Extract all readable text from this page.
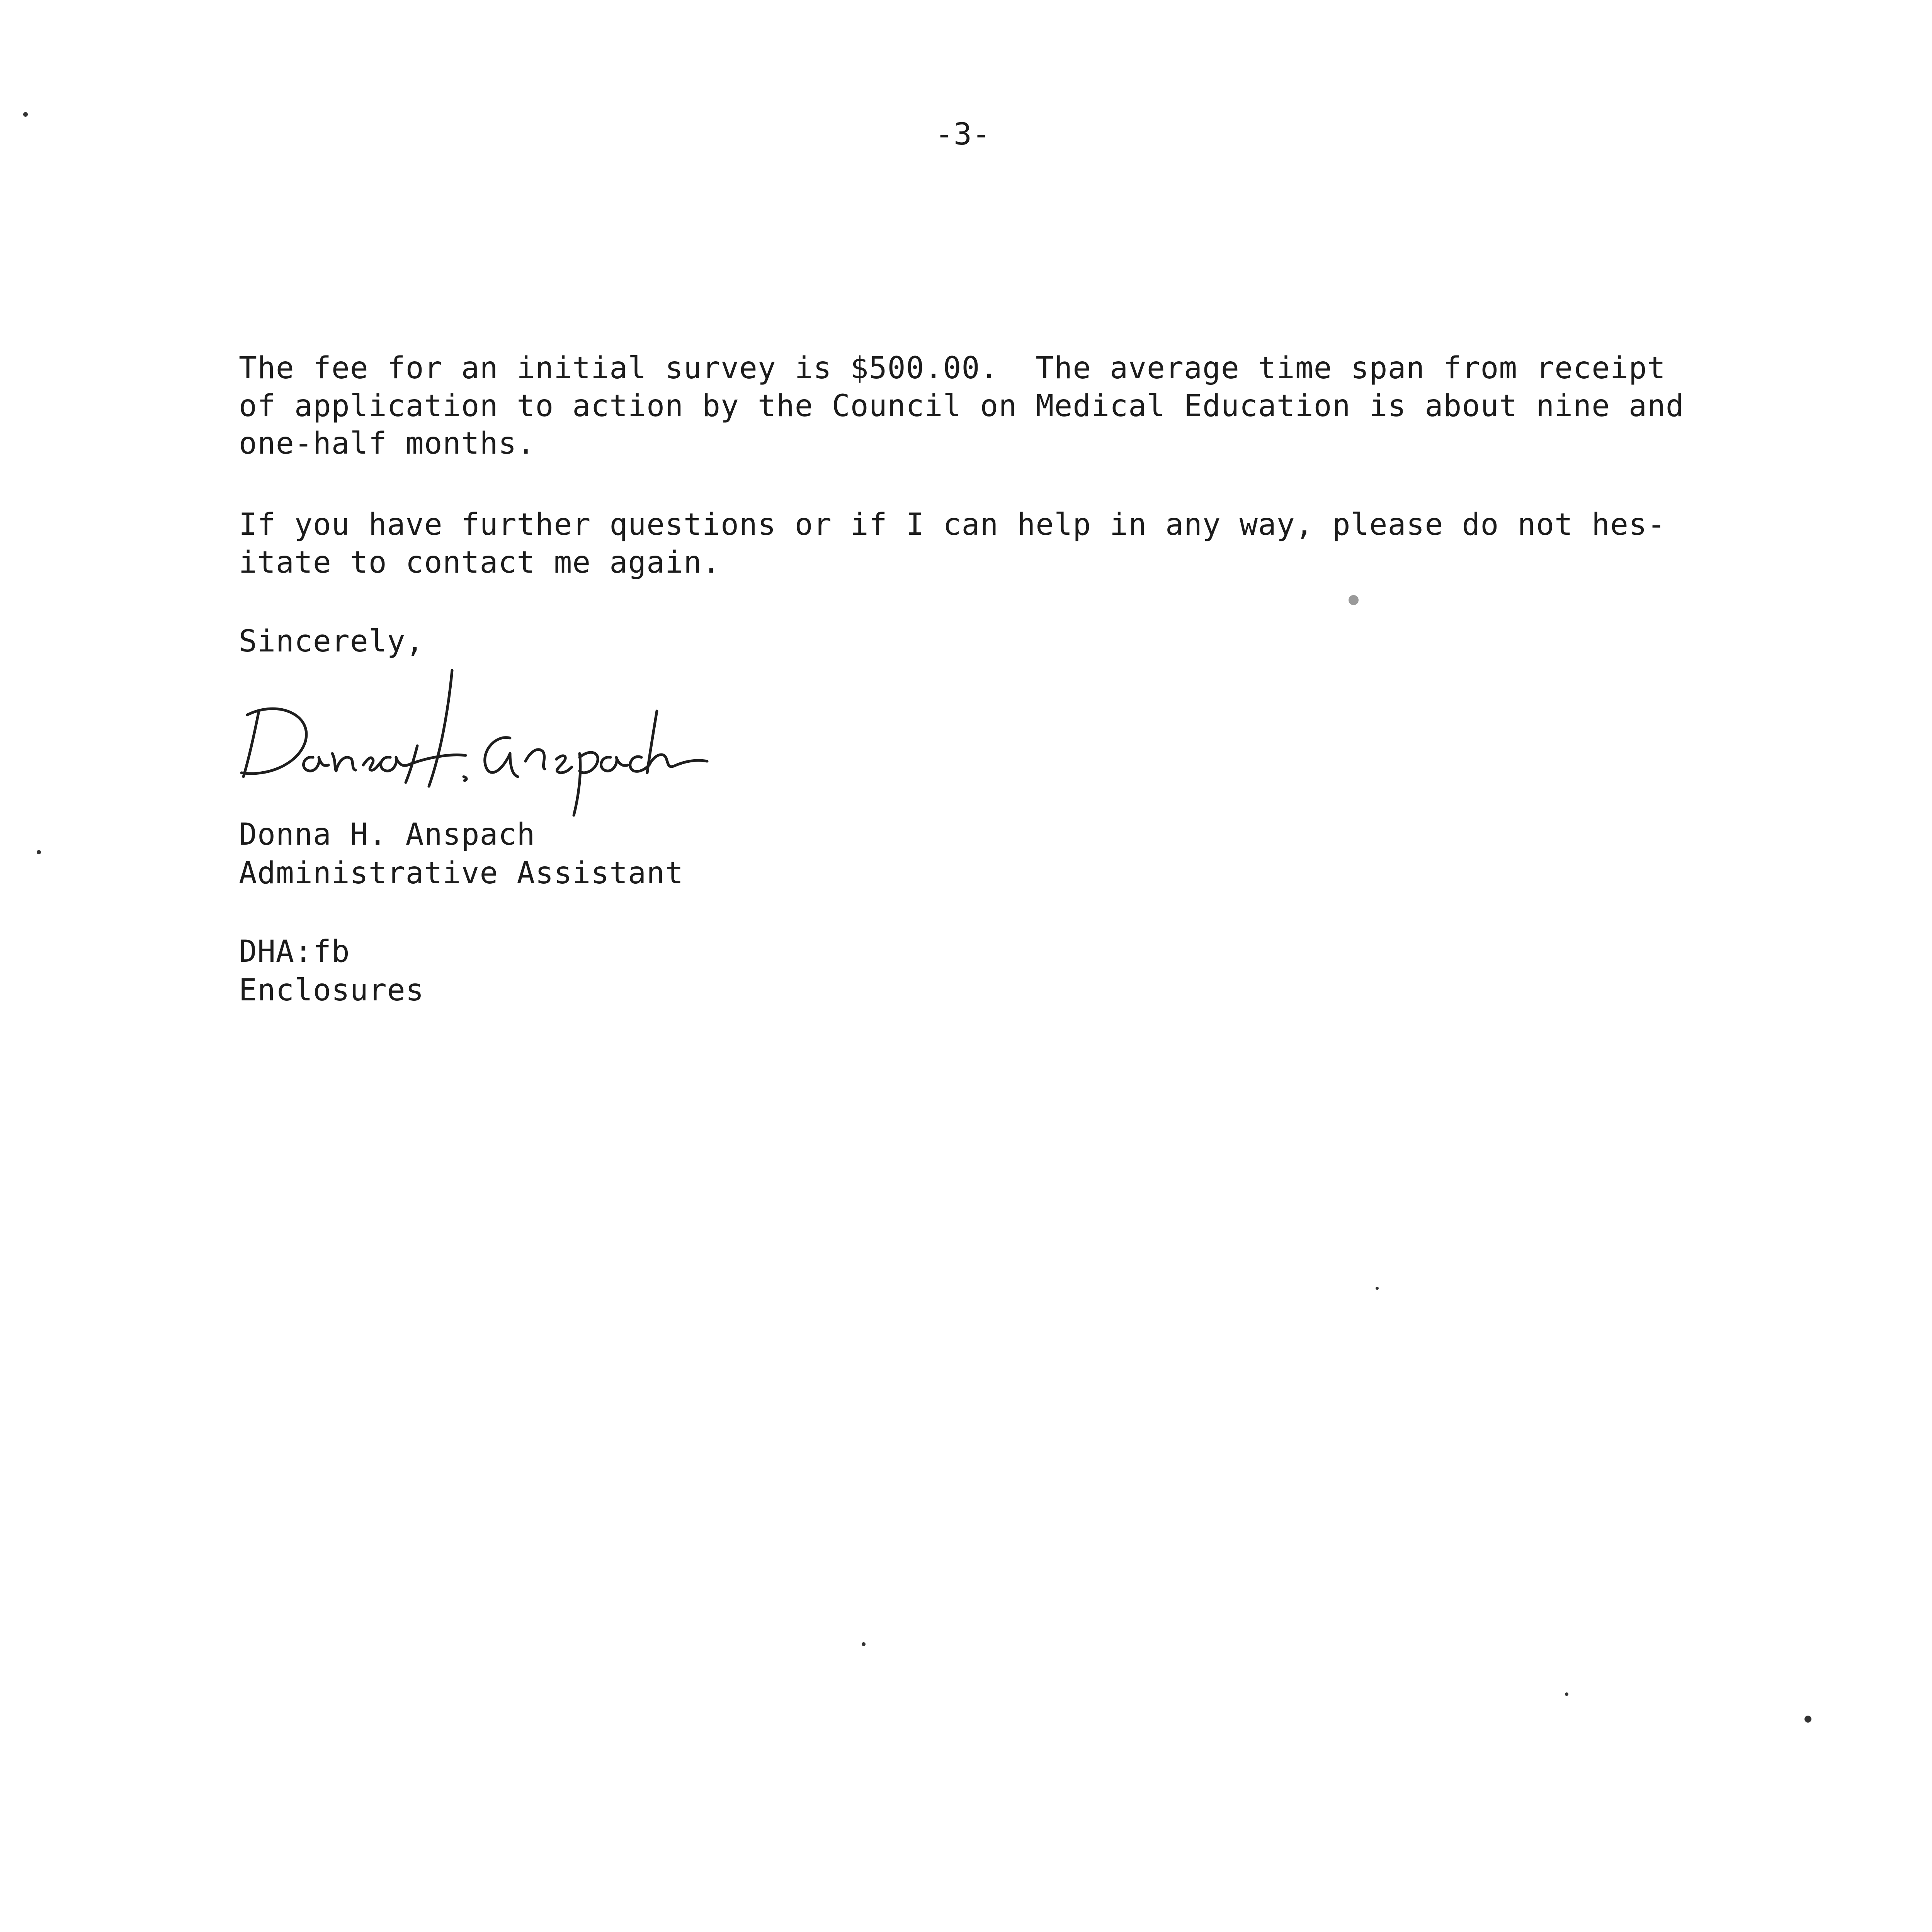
-3-
The fee for an initial survey is $500.00.  The average time span from receipt
of application to action by the Council on Medical Education is about nine and
one-half months.
If you have further questions or if I can help in any way, please do not hes-
itate to contact me again.
Sincerely,
Donna H. Anspach
Administrative Assistant
DHA:fb
Enclosures
